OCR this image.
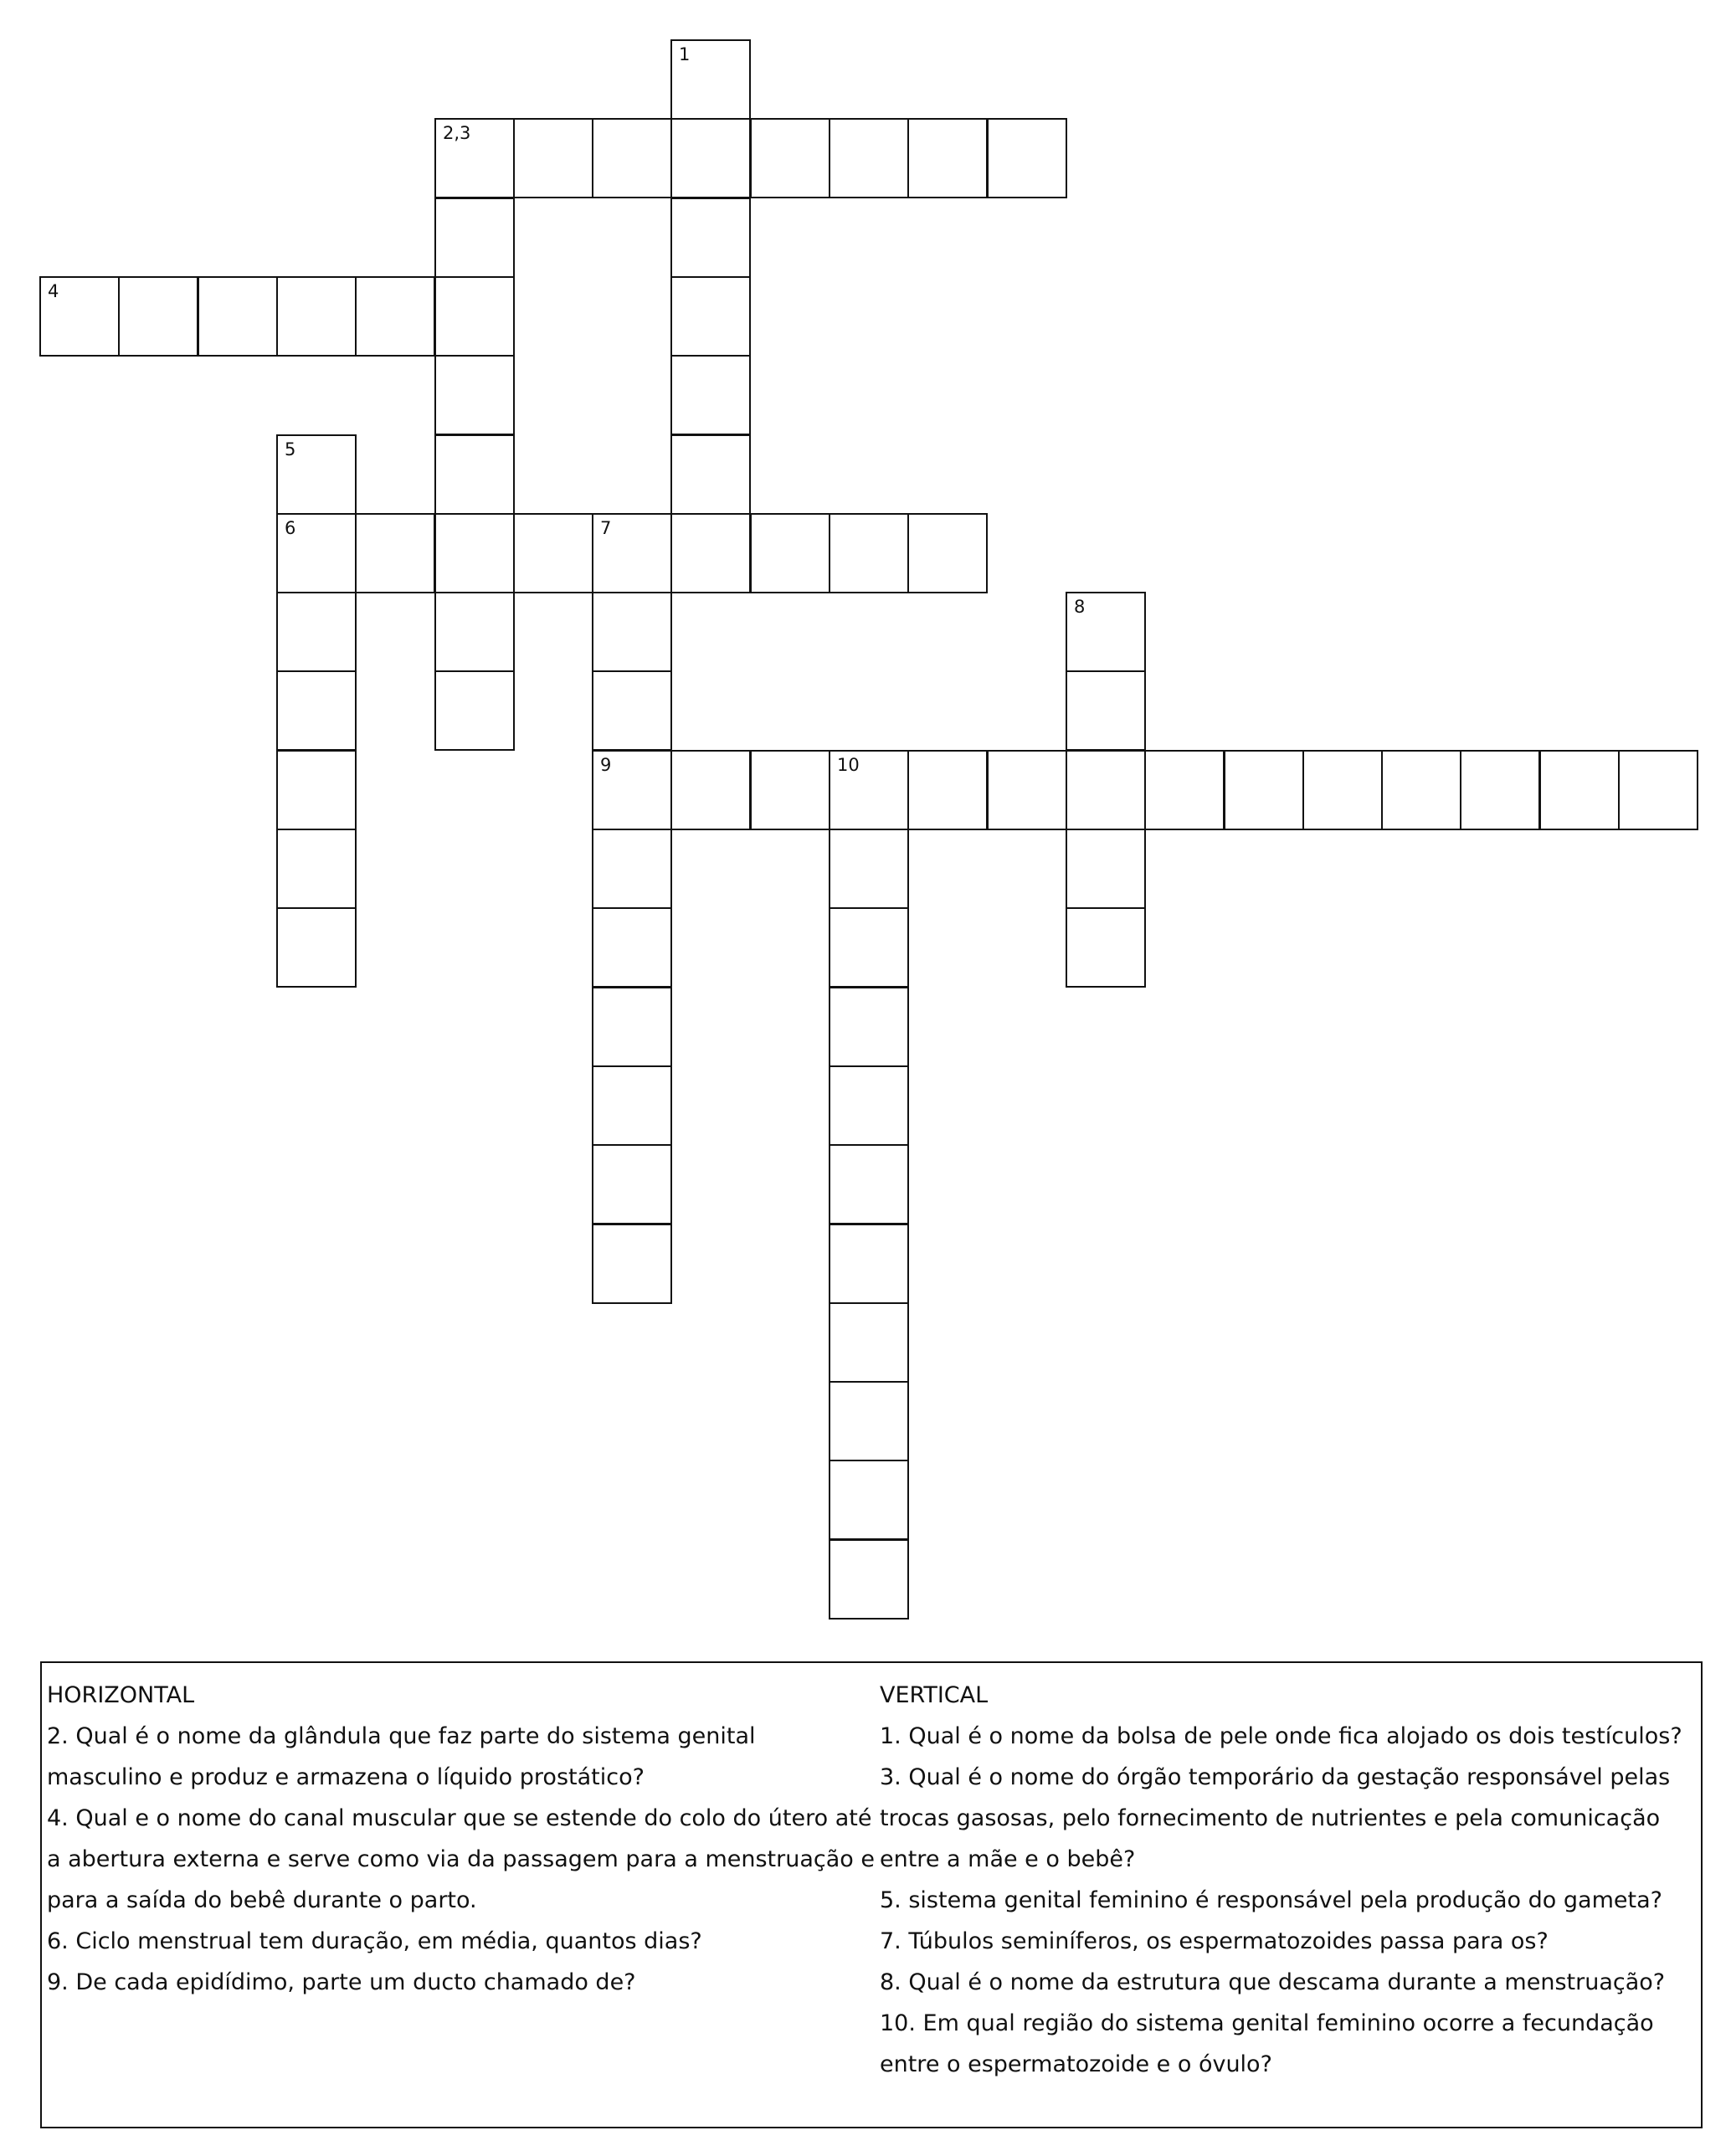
1
2,3
4
5
6	7
8
9	10
HORIZONTAL
2. Qual é o nome da glândula que faz parte do sistema genital masculino e produz e armazena o líquido prostático?
4. Qual e o nome do canal muscular que se estende do colo do útero até a abertura externa e serve como via da passagem para a menstruação e para a saída do bebê durante o parto.
6. Ciclo menstrual tem duração, em média, quantos dias?
9. De cada epidídimo, parte um ducto chamado de?
VERTICAL
1. Qual é o nome da bolsa de pele onde fica alojado os dois testículos?
3. Qual é o nome do órgão temporário da gestação responsável pelas trocas gasosas, pelo fornecimento de nutrientes e pela comunicação entre a mãe e o bebê?
5. sistema genital feminino é responsável pela produção do gameta?
7. Túbulos seminíferos, os espermatozoides passa para os?
8. Qual é o nome da estrutura que descama durante a menstruação?
10. Em qual região do sistema genital feminino ocorre a fecundação entre o espermatozoide e o óvulo?
